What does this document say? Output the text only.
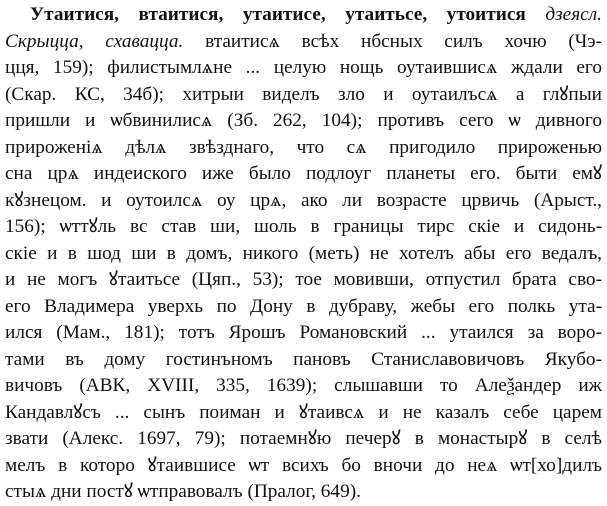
Утаитися, втаитися, утаитисе, утаитьсе, утоитися дзеясл.
Скрыцца, схавацца. втаитисѧ всѣх нбсных силъ хочю (Чэ-
цця, 159); филистымлѧне ... целую нощь оутаившисѧ ждали его
(Скар. КС, 34б); хитрыи виделъ зло и оутаилъсѧ а глꙋпыи
пришли и ѡбвинилисѧ (Зб. 262, 104); противъ сего ѡ дивного
прироженіѧ дѣлѧ звѣзднаго, что сѧ пригодило прироженью
сна црѧ индеиского иже было подлоуг планеты его. быти емꙋ
кꙋзнецом. и оутоилсѧ оу црѧ, ако ли возрасте црвичь (Арыст.,
156); ѡттꙋль вс став ши, шоль в границы тирс скіе и сидонь-
скіе и в шод ши в домъ, никого (меть) не хотелъ абы его ведалъ,
и не могъ ꙋтаитьсе (Цяп., 53); тое мовивши, отпустил брата сво-
его Владимера уверхь по Дону в дубраву, жебы его полкь ута-
ился (Мам., 181); тотъ Ярошъ Романовский ... утаился за воро-
тами въ дому гостинъномъ пановъ Станиславовичовъ Якубо-
вичовъ (АВК, XVIII, 335, 1639); слышавши то Алеѯандер иж
Кандавлꙋсъ ... сынъ поиман и ꙋтаивсѧ и не казалъ себе царем
звати (Алекс. 1697, 79); потаемнꙋю печерꙋ в монастырꙋ в селѣ
мелъ в которо ꙋтаившисе ѡт всихъ бо вночи до неѧ ѡт[хо]дилъ
стыѧ дни постꙋ ѡтправовалъ (Пралог, 649).
